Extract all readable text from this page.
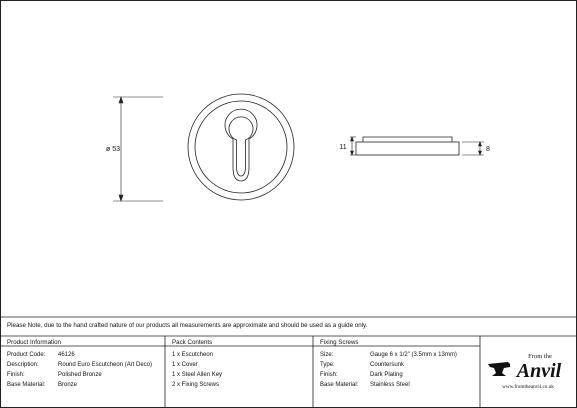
ø 53	11	8
Please Note, due to the hand crafted nature of our products all measurements are approximate and should be used as a guide only.
Product Information
Product Code: 46126
Description:	Round Euro Escutcheon (Art Deco)
Finish:	Polished Bronze
Base Material: Bronze
Pack Contents
1 x Escutcheon
1 x Cover
1 x Steel Allen Key
2 x Fixing Screws
Fixing Screws
Size:	Gauge 6 x 1/2" (3.5mm x 13mm)
Type:	Countersunk
Finish:	Dark Plating
Base Material: Stainless Steel
From the
Anvil
www.fromtheanvil.co.uk
